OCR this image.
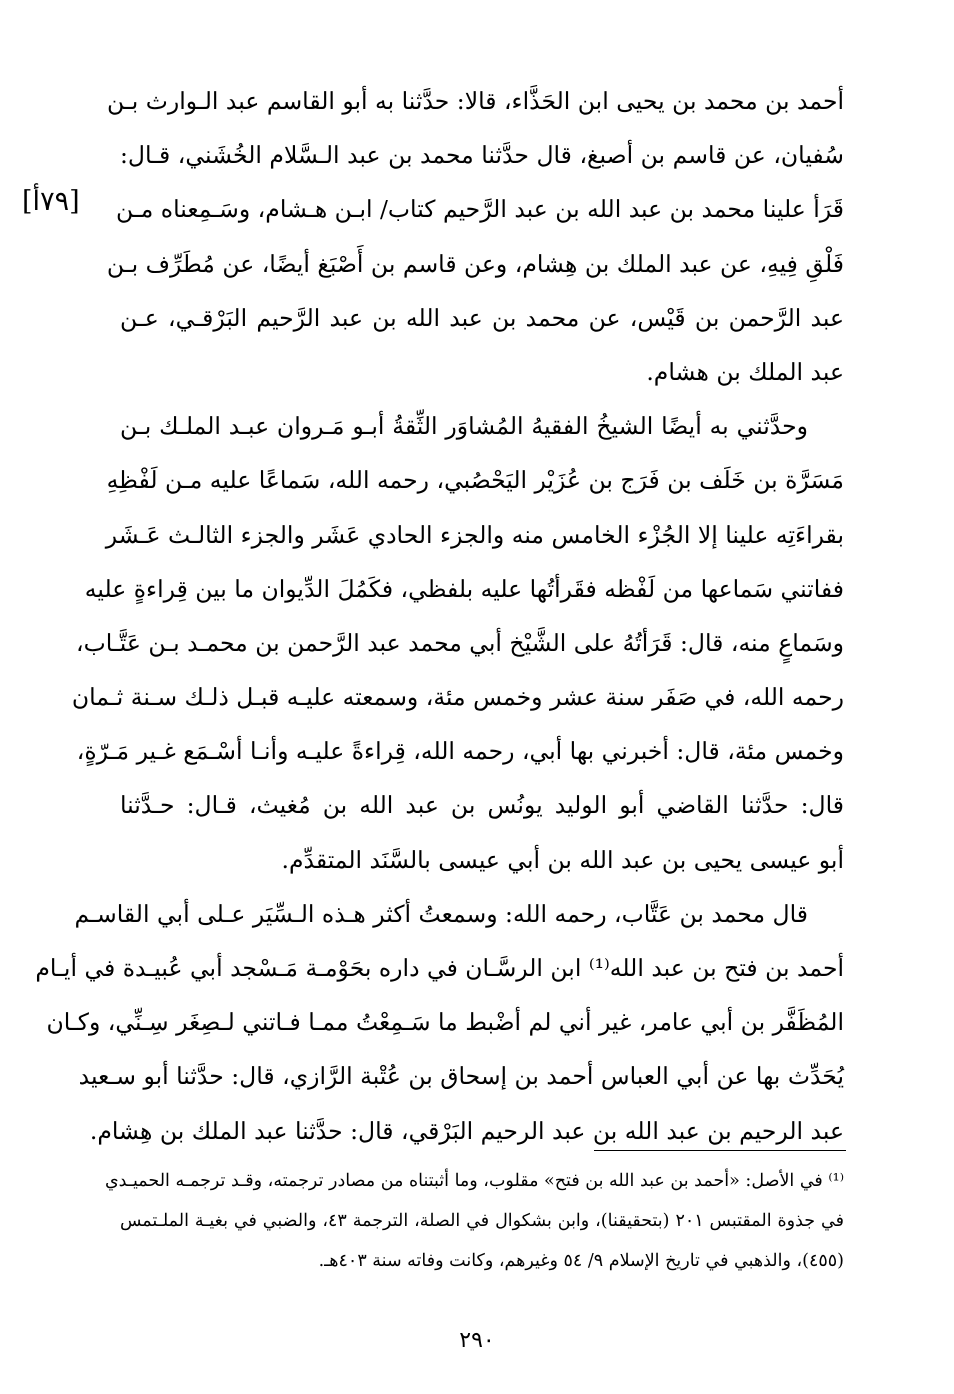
[٧٩أ]
أحمد بن محمد بن يحيى ابن الحَذَّاء، قالا: حدَّثنا به أبو القاسم عبد الـوارث بـن
سُفيان، عن قاسم بن أصبغ، قال حدَّثنا محمد بن عبد الـسَّلام الخُشَني، قـال:
قَرَأ علينا محمد بن عبد الله بن عبد الرَّحيم كتاب/ ابـن هـشام، وسَـمِعناه مـن
فَلْقِ فِيهِ، عن عبد الملك بن هِشام، وعن قاسم بن أَصْبَغ أيضًا، عن مُطَرِّف بـن
عبد الرَّحمن بن قَيْس، عن محمد بن عبد الله بن عبد الرَّحيم البَرْقـي، عـن
عبد الملك بن هشام.
وحدَّثني به أيضًا الشيخُ الفقيهُ المُشاوَر الثِّقةُ أبـو مَـروان عبـد الملـك بـن
مَسَرَّة بن خَلَف بن فَرَج بن عُزَيْر اليَحْصُبي، رحمه الله، سَماعًا عليه مـن لَفْظِهِ
بقراءَتِه علينا إلا الجُزْء الخامس منه والجزء الحادي عَشَر والجزء الثالـث عَـشَر
ففاتني سَماعها من لَفْظه فقَرأتُها عليه بلفظي، فكَمُلَ الدِّيوان ما بين قِراءةٍ عليه
وسَماعٍ منه، قال: قَرَأتُهُ على الشَّيْخ أبي محمد عبد الرَّحمن بن محمـد بـن عَتَّـاب،
رحمه الله، في صَفَر سنة عشر وخمس مئة، وسمعته عليـه قبـل ذلـك سـنة ثـمان
وخمس مئة، قال: أخبرني بها أبي، رحمه الله، قِراءةً عليـه وأنـا أسْـمَع غـير مَـرّةٍ،
قال: حدَّثنا القاضي أبو الوليد يونُس بن عبد الله بن مُغيث، قـال: حـدَّثنا
أبو عيسى يحيى بن عبد الله بن أبي عيسى بالسَّنَد المتقدِّم.
قال محمد بن عَتَّاب، رحمه الله: وسمعتُ أكثر هـذه الـسِّيَر عـلى أبي القاسـم
أحمد بن فتح بن عبد الله⁽¹⁾ ابن الرسَّـان في داره بحَوْمـة مَـسْجد أبي عُبيـدة في أيـام
المُظَفَّر بن أبي عامر، غير أني لم أضْبط ما سَـمِعْتُ ممـا فـاتني لـصِغَر سِـنِّي، وكـان
يُحَدِّث بها عن أبي العباس أحمد بن إسحاق بن عُتْبة الرَّازي، قال: حدَّثنا أبو سـعيد
عبد الرحيم بن عبد الله بن عبد الرحيم البَرْقي، قال: حدَّثنا عبد الملك بن هِشام.
⁽¹⁾ في الأصل: «أحمد بن عبد الله بن فتح» مقلوب، وما أثبتناه من مصادر ترجمته، وقـد ترجمـه الحميـدي
في جذوة المقتبس ٢٠١ (بتحقيقنا)، وابن بشكوال في الصلة، الترجمة ٤٣، والضبي في بغيـة الملـتمس
(٤٥٥)، والذهبي في تاريخ الإسلام ٩/ ٥٤ وغيرهم، وكانت وفاته سنة ٤٠٣هـ.
٢٩٠
